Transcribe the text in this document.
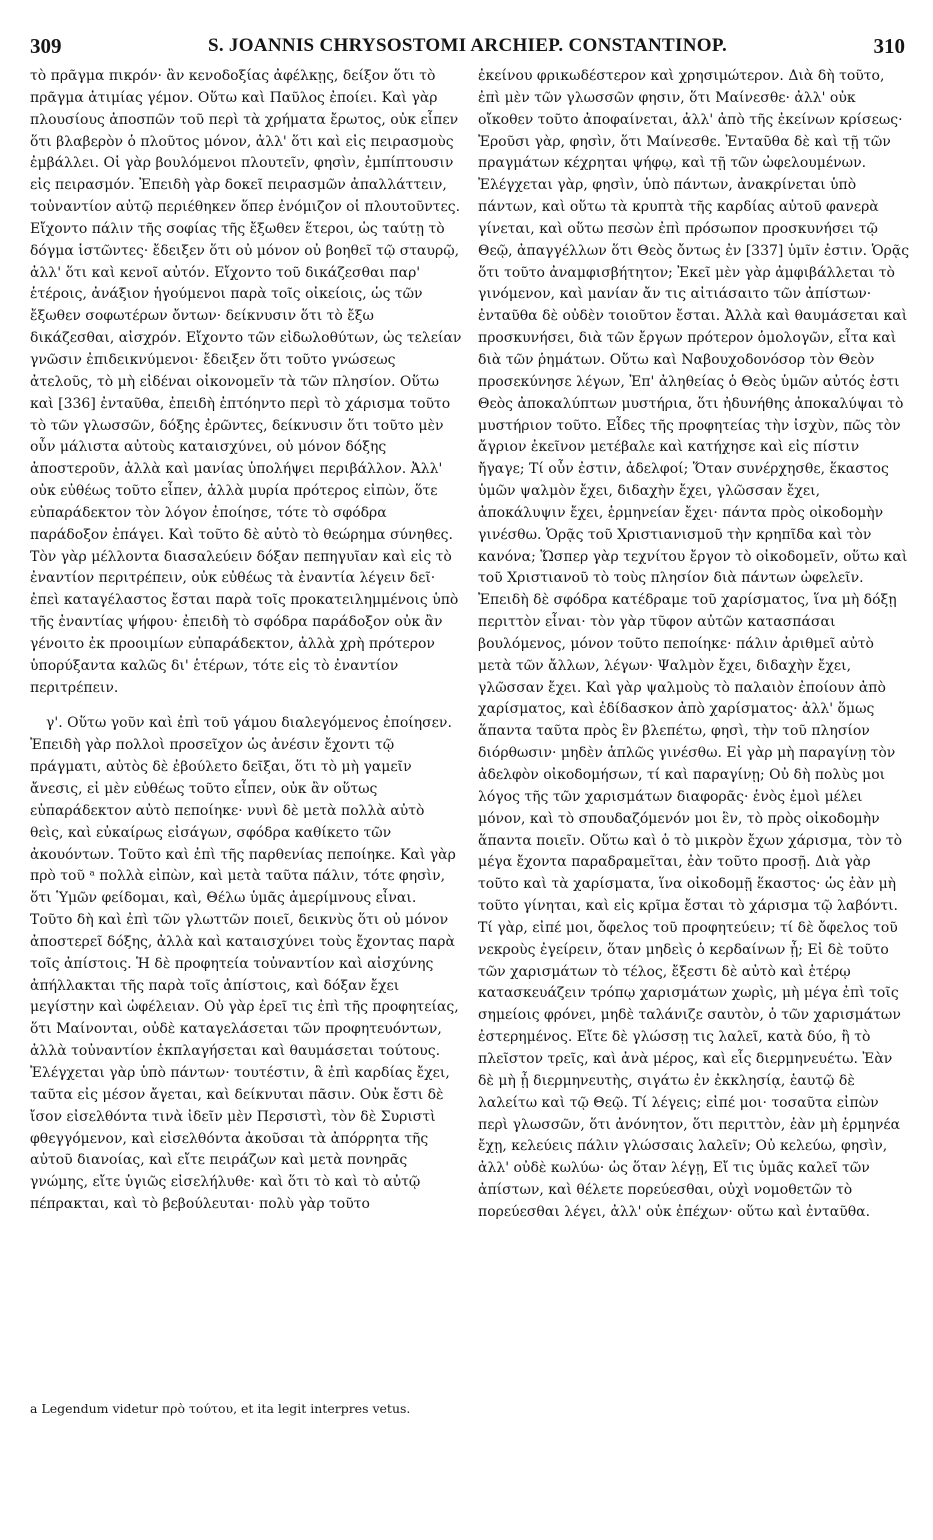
309	S. JOANNIS CHRYSOSTOMI ARCHIEP. CONSTANTINOP.	310

τὸ πρᾶγμα πικρόν· ἂν κενοδοξίας ἀφέλκῃς, δείξον ὅτι τὸ πρᾶγμα ἀτιμίας γέμον. Οὕτω καὶ Παῦλος ἐποίει. Καὶ γὰρ πλουσίους ἀποσπῶν τοῦ περὶ τὰ χρήματα ἔρωτος, οὐκ εἶπεν ὅτι βλαβερὸν ὁ πλοῦτος μόνον, ἀλλ' ὅτι καὶ εἰς πειρασμοὺς ἐμβάλλει. Οἱ γὰρ βουλόμενοι πλουτεῖν, φησὶν, ἐμπίπτουσιν εἰς πειρασμόν. Ἐπειδὴ γὰρ δοκεῖ πειρασμῶν ἀπαλλάττειν, τοὐναντίον αὐτῷ περιέθηκεν ὅπερ ἐνόμιζον οἱ πλουτοῦντες. Εἴχοντο πάλιν τῆς σοφίας τῆς ἔξωθεν ἕτεροι, ὡς ταύτῃ τὸ δόγμα ἱστῶντες· ἔδειξεν ὅτι οὐ μόνον οὐ βοηθεῖ τῷ σταυρῷ, ἀλλ' ὅτι καὶ κενοῖ αὐτόν. Εἴχοντο τοῦ δικάζεσθαι παρ' ἑτέροις, ἀνάξιον ἡγούμενοι παρὰ τοῖς οἰκείοις, ὡς τῶν ἔξωθεν σοφωτέρων ὄντων· δείκνυσιν ὅτι τὸ ἔξω δικάζεσθαι, αἰσχρόν. Εἴχοντο τῶν εἰδωλοθύτων, ὡς τελείαν γνῶσιν ἐπιδεικνύμενοι· ἔδειξεν ὅτι τοῦτο γνώσεως ἀτελοῦς, τὸ μὴ εἰδέναι οἰκονομεῖν τὰ τῶν πλησίον. Οὕτω καὶ [336] ἐνταῦθα, ἐπειδὴ ἐπτόηντο περὶ τὸ χάρισμα τοῦτο τὸ τῶν γλωσσῶν, δόξης ἐρῶντες, δείκνυσιν ὅτι τοῦτο μὲν οὖν μάλιστα αὐτοὺς καταισχύνει, οὐ μόνον δόξης ἀποστεροῦν, ἀλλὰ καὶ μανίας ὑπολήψει περιβάλλον. Ἀλλ' οὐκ εὐθέως τοῦτο εἶπεν, ἀλλὰ μυρία πρότερος εἰπὼν, ὅτε εὐπαράδεκτον τὸν λόγον ἐποίησε, τότε τὸ σφόδρα παράδοξον ἐπάγει. Καὶ τοῦτο δὲ αὐτὸ τὸ θεώρημα σύνηθες. Τὸν γὰρ μέλλοντα διασαλεύειν δόξαν πεπηγυῖαν καὶ εἰς τὸ ἐναντίον περιτρέπειν, οὐκ εὐθέως τὰ ἐναντία λέγειν δεῖ· ἐπεὶ καταγέλαστος ἔσται παρὰ τοῖς προκατειλημμένοις ὑπὸ τῆς ἐναντίας ψήφου· ἐπειδὴ τὸ σφόδρα παράδοξον οὐκ ἂν γένοιτο ἐκ προοιμίων εὐπαράδεκτον, ἀλλὰ χρὴ πρότερον ὑπορύξαντα καλῶς δι' ἑτέρων, τότε εἰς τὸ ἐναντίον περιτρέπειν.

γ'. Οὕτω γοῦν καὶ ἐπὶ τοῦ γάμου διαλεγόμενος ἐποίησεν. Ἐπειδὴ γὰρ πολλοὶ προσεῖχον ὡς ἀνέσιν ἔχοντι τῷ πράγματι, αὐτὸς δὲ ἐβούλετο δεῖξαι, ὅτι τὸ μὴ γαμεῖν ἄνεσις, εἰ μὲν εὐθέως τοῦτο εἶπεν, οὐκ ἂν οὕτως εὐπαράδεκτον αὐτὸ πεποίηκε· νυνὶ δὲ μετὰ πολλὰ αὐτὸ θεὶς, καὶ εὐκαίρως εἰσάγων, σφόδρα καθίκετο τῶν ἀκουόντων. Τοῦτο καὶ ἐπὶ τῆς παρθενίας πεποίηκε. Καὶ γὰρ πρὸ τοῦ ᵃ πολλὰ εἰπὼν, καὶ μετὰ ταῦτα πάλιν, τότε φησὶν, ὅτι Ὑμῶν φείδομαι, καὶ, Θέλω ὑμᾶς ἀμερίμνους εἶναι. Τοῦτο δὴ καὶ ἐπὶ τῶν γλωττῶν ποιεῖ, δεικνὺς ὅτι οὐ μόνον ἀποστερεῖ δόξης, ἀλλὰ καὶ καταισχύνει τοὺς ἔχοντας παρὰ τοῖς ἀπίστοις. Ἡ δὲ προφητεία τοὐναντίον καὶ αἰσχύνης ἀπήλλακται τῆς παρὰ τοῖς ἀπίστοις, καὶ δόξαν ἔχει μεγίστην καὶ ὠφέλειαν. Οὐ γὰρ ἐρεῖ τις ἐπὶ τῆς προφητείας, ὅτι Μαίνονται, οὐδὲ καταγελάσεται τῶν προφητευόντων, ἀλλὰ τοὐναντίον ἐκπλαγήσεται καὶ θαυμάσεται τούτους. Ἐλέγχεται γὰρ ὑπὸ πάντων· τουτέστιν, ἃ ἐπὶ καρδίας ἔχει, ταῦτα εἰς μέσον ἄγεται, καὶ δείκνυται πᾶσιν. Οὐκ ἔστι δὲ ἴσον εἰσελθόντα τινὰ ἰδεῖν μὲν Περσιστὶ, τὸν δὲ Συριστὶ φθεγγόμενον, καὶ εἰσελθόντα ἀκοῦσαι τὰ ἀπόρρητα τῆς αὐτοῦ διανοίας, καὶ εἴτε πειράζων καὶ μετὰ πονηρᾶς γνώμης, εἴτε ὑγιῶς εἰσελήλυθε· καὶ ὅτι τὸ καὶ τὸ αὐτῷ πέπρακται, καὶ τὸ βεβούλευται· πολὺ γὰρ τοῦτο

ἐκείνου φρικωδέστερον καὶ χρησιμώτερον. Διὰ δὴ τοῦτο, ἐπὶ μὲν τῶν γλωσσῶν φησιν, ὅτι Μαίνεσθε· ἀλλ' οὐκ οἴκοθεν τοῦτο ἀποφαίνεται, ἀλλ' ἀπὸ τῆς ἐκείνων κρίσεως· Ἐροῦσι γὰρ, φησὶν, ὅτι Μαίνεσθε. Ἐνταῦθα δὲ καὶ τῇ τῶν πραγμάτων κέχρηται ψήφῳ, καὶ τῇ τῶν ὠφελουμένων. Ἐλέγχεται γὰρ, φησὶν, ὑπὸ πάντων, ἀνακρίνεται ὑπὸ πάντων, καὶ οὕτω τὰ κρυπτὰ τῆς καρδίας αὐτοῦ φανερὰ γίνεται, καὶ οὕτω πεσὼν ἐπὶ πρόσωπον προσκυνήσει τῷ Θεῷ, ἀπαγγέλλων ὅτι Θεὸς ὄντως ἐν [337] ὑμῖν ἐστιν. Ὁρᾷς ὅτι τοῦτο ἀναμφισβήτητον; Ἐκεῖ μὲν γὰρ ἀμφιβάλλεται τὸ γινόμενον, καὶ μανίαν ἄν τις αἰτιάσαιτο τῶν ἀπίστων· ἐνταῦθα δὲ οὐδὲν τοιοῦτον ἔσται. Ἀλλὰ καὶ θαυμάσεται καὶ προσκυνήσει, διὰ τῶν ἔργων πρότερον ὁμολογῶν, εἶτα καὶ διὰ τῶν ῥημάτων. Οὕτω καὶ Ναβουχοδονόσορ τὸν Θεὸν προσεκύνησε λέγων, Ἐπ' ἀληθείας ὁ Θεὸς ὑμῶν αὐτός ἐστι Θεὸς ἀποκαλύπτων μυστήρια, ὅτι ἠδυνήθης ἀποκαλύψαι τὸ μυστήριον τοῦτο. Εἶδες τῆς προφητείας τὴν ἰσχὺν, πῶς τὸν ἄγριον ἐκεῖνον μετέβαλε καὶ κατήχησε καὶ εἰς πίστιν ἤγαγε; Τί οὖν ἐστιν, ἀδελφοί; Ὅταν συνέρχησθε, ἕκαστος ὑμῶν ψαλμὸν ἔχει, διδαχὴν ἔχει, γλῶσσαν ἔχει, ἀποκάλυψιν ἔχει, ἑρμηνείαν ἔχει· πάντα πρὸς οἰκοδομὴν γινέσθω. Ὁρᾷς τοῦ Χριστιανισμοῦ τὴν κρηπῖδα καὶ τὸν κανόνα; Ὥσπερ γὰρ τεχνίτου ἔργον τὸ οἰκοδομεῖν, οὕτω καὶ τοῦ Χριστιανοῦ τὸ τοὺς πλησίον διὰ πάντων ὠφελεῖν. Ἐπειδὴ δὲ σφόδρα κατέδραμε τοῦ χαρίσματος, ἵνα μὴ δόξῃ περιττὸν εἶναι· τὸν γὰρ τῦφον αὐτῶν κατασπάσαι βουλόμενος, μόνον τοῦτο πεποίηκε· πάλιν ἀριθμεῖ αὐτὸ μετὰ τῶν ἄλλων, λέγων· Ψαλμὸν ἔχει, διδαχὴν ἔχει, γλῶσσαν ἔχει. Καὶ γὰρ ψαλμοὺς τὸ παλαιὸν ἐποίουν ἀπὸ χαρίσματος, καὶ ἐδίδασκον ἀπὸ χαρίσματος· ἀλλ' ὅμως ἅπαντα ταῦτα πρὸς ἓν βλεπέτω, φησὶ, τὴν τοῦ πλησίον διόρθωσιν· μηδὲν ἁπλῶς γινέσθω. Εἰ γὰρ μὴ παραγίνῃ τὸν ἀδελφὸν οἰκοδομήσων, τί καὶ παραγίνῃ; Οὐ δὴ πολὺς μοι λόγος τῆς τῶν χαρισμάτων διαφορᾶς· ἑνὸς ἐμοὶ μέλει μόνον, καὶ τὸ σπουδαζόμενόν μοι ἓν, τὸ πρὸς οἰκοδομὴν ἅπαντα ποιεῖν. Οὕτω καὶ ὁ τὸ μικρὸν ἔχων χάρισμα, τὸν τὸ μέγα ἔχοντα παραδραμεῖται, ἐὰν τοῦτο προσῇ. Διὰ γὰρ τοῦτο καὶ τὰ χαρίσματα, ἵνα οἰκοδομῇ ἕκαστος· ὡς ἐὰν μὴ τοῦτο γίνηται, καὶ εἰς κρῖμα ἔσται τὸ χάρισμα τῷ λαβόντι. Τί γὰρ, εἰπέ μοι, ὄφελος τοῦ προφητεύειν; τί δὲ ὄφελος τοῦ νεκροὺς ἐγείρειν, ὅταν μηδεὶς ὁ κερδαίνων ᾖ; Εἰ δὲ τοῦτο τῶν χαρισμάτων τὸ τέλος, ἔξεστι δὲ αὐτὸ καὶ ἑτέρῳ κατασκευάζειν τρόπῳ χαρισμάτων χωρὶς, μὴ μέγα ἐπὶ τοῖς σημείοις φρόνει, μηδὲ ταλάνιζε σαυτὸν, ὁ τῶν χαρισμάτων ἐστερημένος. Εἴτε δὲ γλώσσῃ τις λαλεῖ, κατὰ δύο, ἢ τὸ πλεῖστον τρεῖς, καὶ ἀνὰ μέρος, καὶ εἷς διερμηνευέτω. Ἐὰν δὲ μὴ ᾖ διερμηνευτὴς, σιγάτω ἐν ἐκκλησίᾳ, ἑαυτῷ δὲ λαλείτω καὶ τῷ Θεῷ. Τί λέγεις; εἰπέ μοι· τοσαῦτα εἰπὼν περὶ γλωσσῶν, ὅτι ἀνόνητον, ὅτι περιττὸν, ἐὰν μὴ ἑρμηνέα ἔχῃ, κελεύεις πάλιν γλώσσαις λαλεῖν; Οὐ κελεύω, φησὶν, ἀλλ' οὐδὲ κωλύω· ὡς ὅταν λέγῃ, Εἴ τις ὑμᾶς καλεῖ τῶν ἀπίστων, καὶ θέλετε πορεύεσθαι, οὐχὶ νομοθετῶν τὸ πορεύεσθαι λέγει, ἀλλ' οὐκ ἐπέχων· οὕτω καὶ ἐνταῦθα.

a Legendum videtur πρὸ τούτου, et ita legit interpres vetus.
